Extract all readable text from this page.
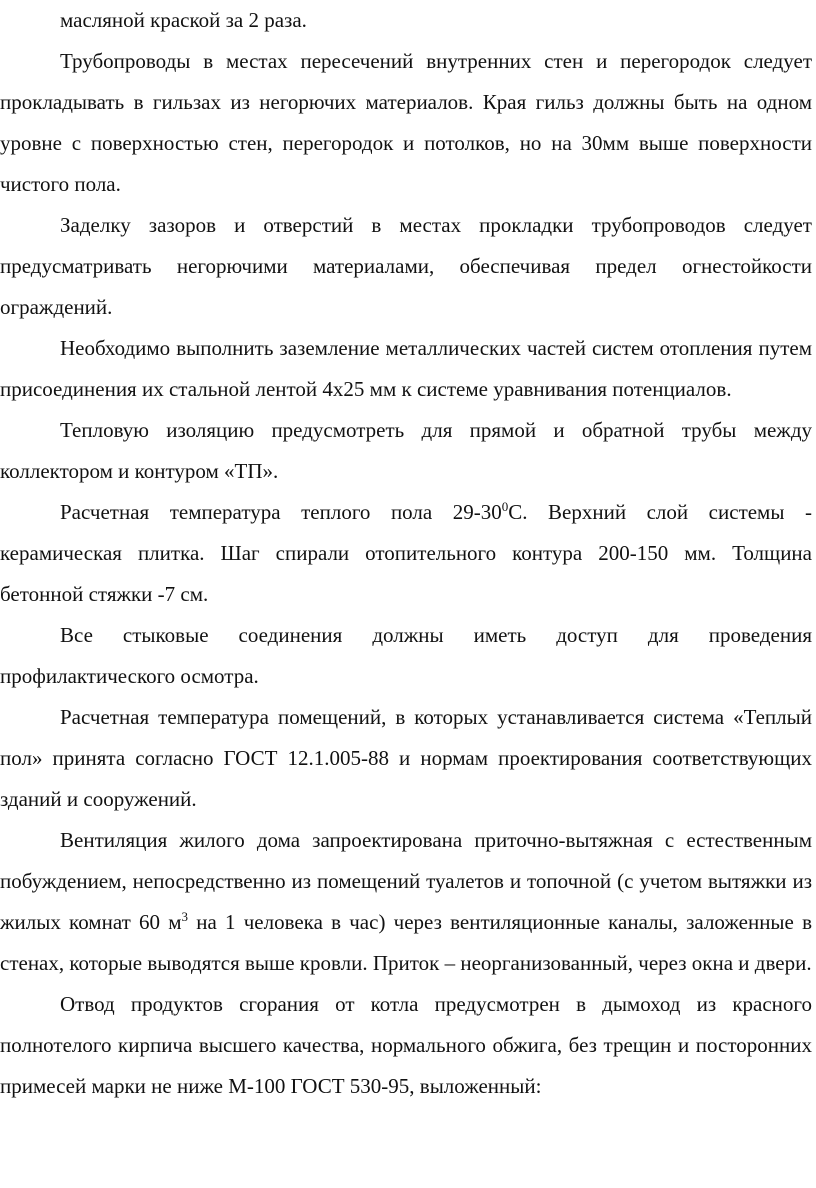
масляной краской за 2 раза.

Трубопроводы в местах пересечений внутренних стен и перегородок следует прокладывать в гильзах из негорючих материалов. Края гильз должны быть на одном уровне с поверхностью стен, перегородок и потолков, но на 30мм выше поверхности чистого пола.

Заделку зазоров и отверстий в местах прокладки трубопроводов следует предусматривать негорючими материалами, обеспечивая предел огнестойкости ограждений.

Необходимо выполнить заземление металлических частей систем отопления путем присоединения их стальной лентой 4х25 мм к системе уравнивания потенциалов.

Тепловую изоляцию предусмотреть для прямой и обратной трубы между коллектором и контуром «ТП».

Расчетная температура теплого пола $29-30^0С$. Верхний слой системы - керамическая плитка. Шаг спирали отопительного контура 200-150 мм. Толщина бетонной стяжки -7 см.

Все стыковые соединения должны иметь доступ для проведения профилактического осмотра.

Расчетная температура помещений, в которых устанавливается система «Теплый пол» принята согласно ГОСТ 12.1.005-88 и нормам проектирования соответствующих зданий и сооружений.

Вентиляция жилого дома запроектирована приточно-вытяжная с естественным побуждением, непосредственно из помещений туалетов и топочной (с учетом вытяжки из жилых комнат 60 $м^3$ на 1 человека в час) через вентиляционные каналы, заложенные в стенах, которые выводятся выше кровли. Приток – неорганизованный, через окна и двери.

Отвод продуктов сгорания от котла предусмотрен в дымоход из красного полнотелого кирпича высшего качества, нормального обжига, без трещин и посторонних примесей марки не ниже М-100 ГОСТ 530-95, выложенный:
